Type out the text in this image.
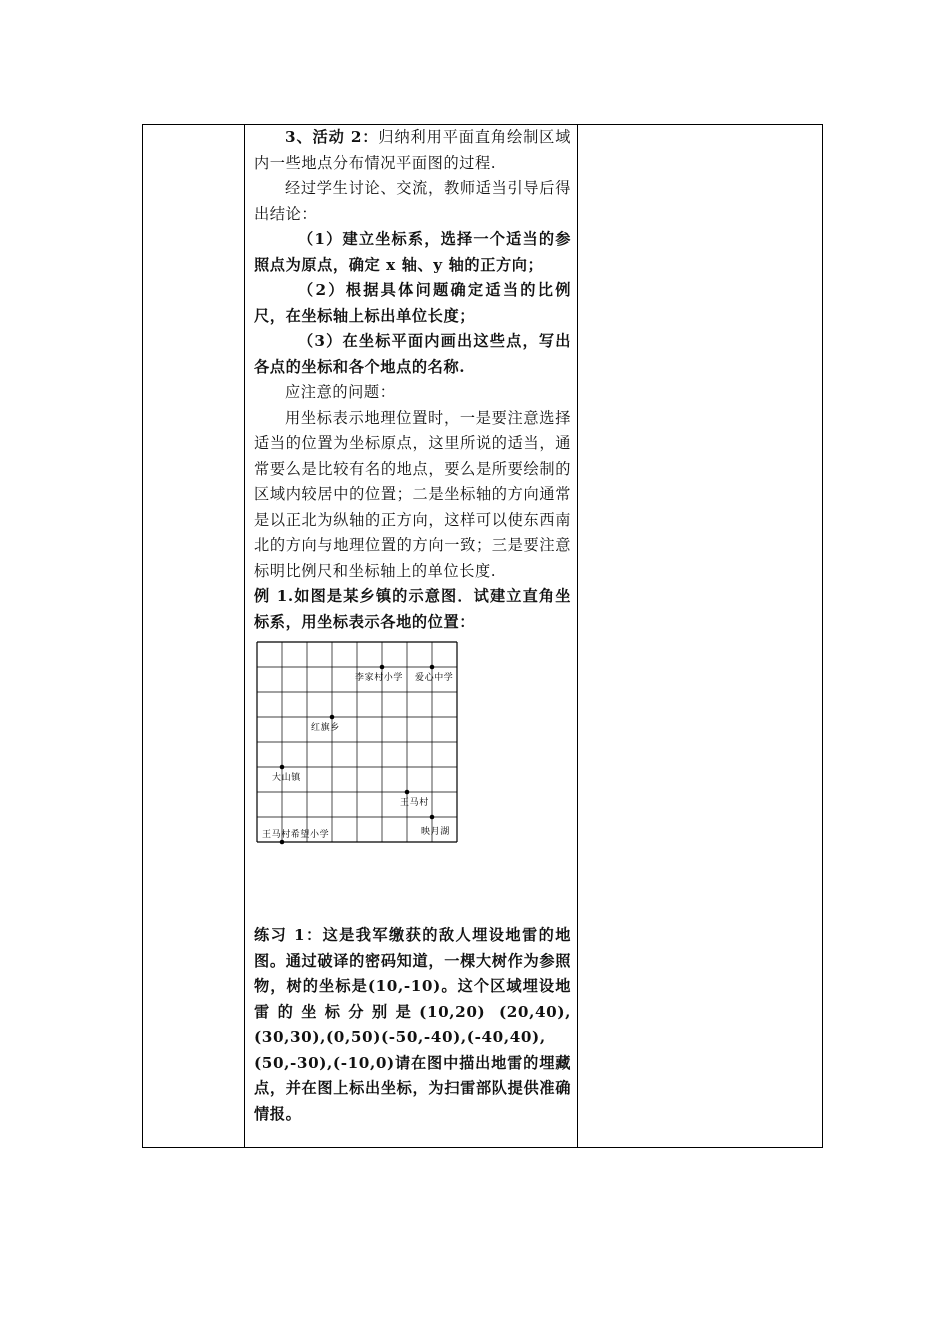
3、活动 2：归纳利用平面直角绘制区域内一些地点分布情况平面图的过程.

经过学生讨论、交流，教师适当引导后得出结论：

（1）建立坐标系，选择一个适当的参照点为原点，确定 x 轴、y 轴的正方向；

（2）根据具体问题确定适当的比例尺，在坐标轴上标出单位长度；

（3）在坐标平面内画出这些点，写出各点的坐标和各个地点的名称.

应注意的问题：

用坐标表示地理位置时，一是要注意选择适当的位置为坐标原点，这里所说的适当，通常要么是比较有名的地点，要么是所要绘制的区域内较居中的位置；二是坐标轴的方向通常是以正北为纵轴的正方向，这样可以使东西南北的方向与地理位置的方向一致；三是要注意标明比例尺和坐标轴上的单位长度.

例 1.如图是某乡镇的示意图．试建立直角坐标系，用坐标表示各地的位置：

李家村小学 爱心中学
红旗乡
大山镇
王马村
映月湖
王马村希望小学

练习 1：这是我军缴获的敌人埋设地雷的地图。通过破译的密码知道，一棵大树作为参照物，树的坐标是(10,-10)。这个区域埋设地雷的坐标分别是(10,20) (20,40),(30,30),(0,50)(-50,-40),(-40,40),(50,-30),(-10,0)请在图中描出地雷的埋藏点，并在图上标出坐标，为扫雷部队提供准确情报。
